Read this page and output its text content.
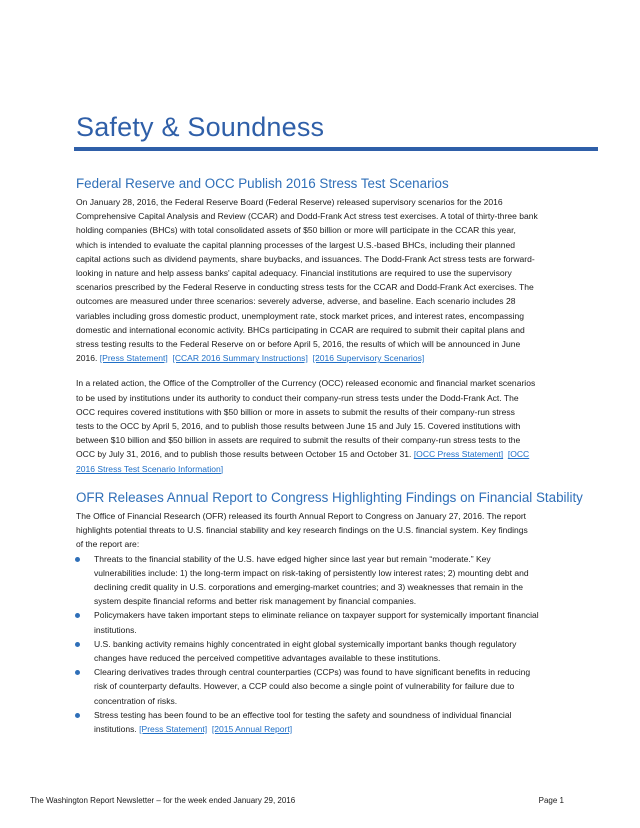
Safety & Soundness
Federal Reserve and OCC Publish 2016 Stress Test Scenarios

On January 28, 2016, the Federal Reserve Board (Federal Reserve) released supervisory scenarios for the 2016
Comprehensive Capital Analysis and Review (CCAR) and Dodd-Frank Act stress test exercises. A total of thirty-three bank
holding companies (BHCs) with total consolidated assets of $50 billion or more will participate in the CCAR this year,
which is intended to evaluate the capital planning processes of the largest U.S.-based BHCs, including their planned
capital actions such as dividend payments, share buybacks, and issuances. The Dodd-Frank Act stress tests are forward-
looking in nature and help assess banks' capital adequacy. Financial institutions are required to use the supervisory
scenarios prescribed by the Federal Reserve in conducting stress tests for the CCAR and Dodd-Frank Act exercises. The
outcomes are measured under three scenarios: severely adverse, adverse, and baseline. Each scenario includes 28
variables including gross domestic product, unemployment rate, stock market prices, and interest rates, encompassing
domestic and international economic activity. BHCs participating in CCAR are required to submit their capital plans and
stress testing results to the Federal Reserve on or before April 5, 2016, the results of which will be announced in June
2016. [Press Statement] [CCAR 2016 Summary Instructions] [2016 Supervisory Scenarios]

In a related action, the Office of the Comptroller of the Currency (OCC) released economic and financial market scenarios
to be used by institutions under its authority to conduct their company-run stress tests under the Dodd-Frank Act. The
OCC requires covered institutions with $50 billion or more in assets to submit the results of their company-run stress
tests to the OCC by April 5, 2016, and to publish those results between June 15 and July 15. Covered institutions with
between $10 billion and $50 billion in assets are required to submit the results of their company-run stress tests to the
OCC by July 31, 2016, and to publish those results between October 15 and October 31. [OCC Press Statement] [OCC
2016 Stress Test Scenario Information]

OFR Releases Annual Report to Congress Highlighting Findings on Financial Stability

The Office of Financial Research (OFR) released its fourth Annual Report to Congress on January 27, 2016. The report
highlights potential threats to U.S. financial stability and key research findings on the U.S. financial system. Key findings
of the report are:

Threats to the financial stability of the U.S. have edged higher since last year but remain “moderate.” Key
vulnerabilities include: 1) the long-term impact on risk-taking of persistently low interest rates; 2) mounting debt and
declining credit quality in U.S. corporations and emerging-market countries; and 3) weaknesses that remain in the
system despite financial reforms and better risk management by financial companies.
Policymakers have taken important steps to eliminate reliance on taxpayer support for systemically important financial
institutions.
U.S. banking activity remains highly concentrated in eight global systemically important banks though regulatory
changes have reduced the perceived competitive advantages available to these institutions.
Clearing derivatives trades through central counterparties (CCPs) was found to have significant benefits in reducing
risk of counterparty defaults. However, a CCP could also become a single point of vulnerability for failure due to
concentration of risks.
Stress testing has been found to be an effective tool for testing the safety and soundness of individual financial
institutions. [Press Statement] [2015 Annual Report]
The Washington Report Newsletter – for the week ended January 29, 2016	Page 1
